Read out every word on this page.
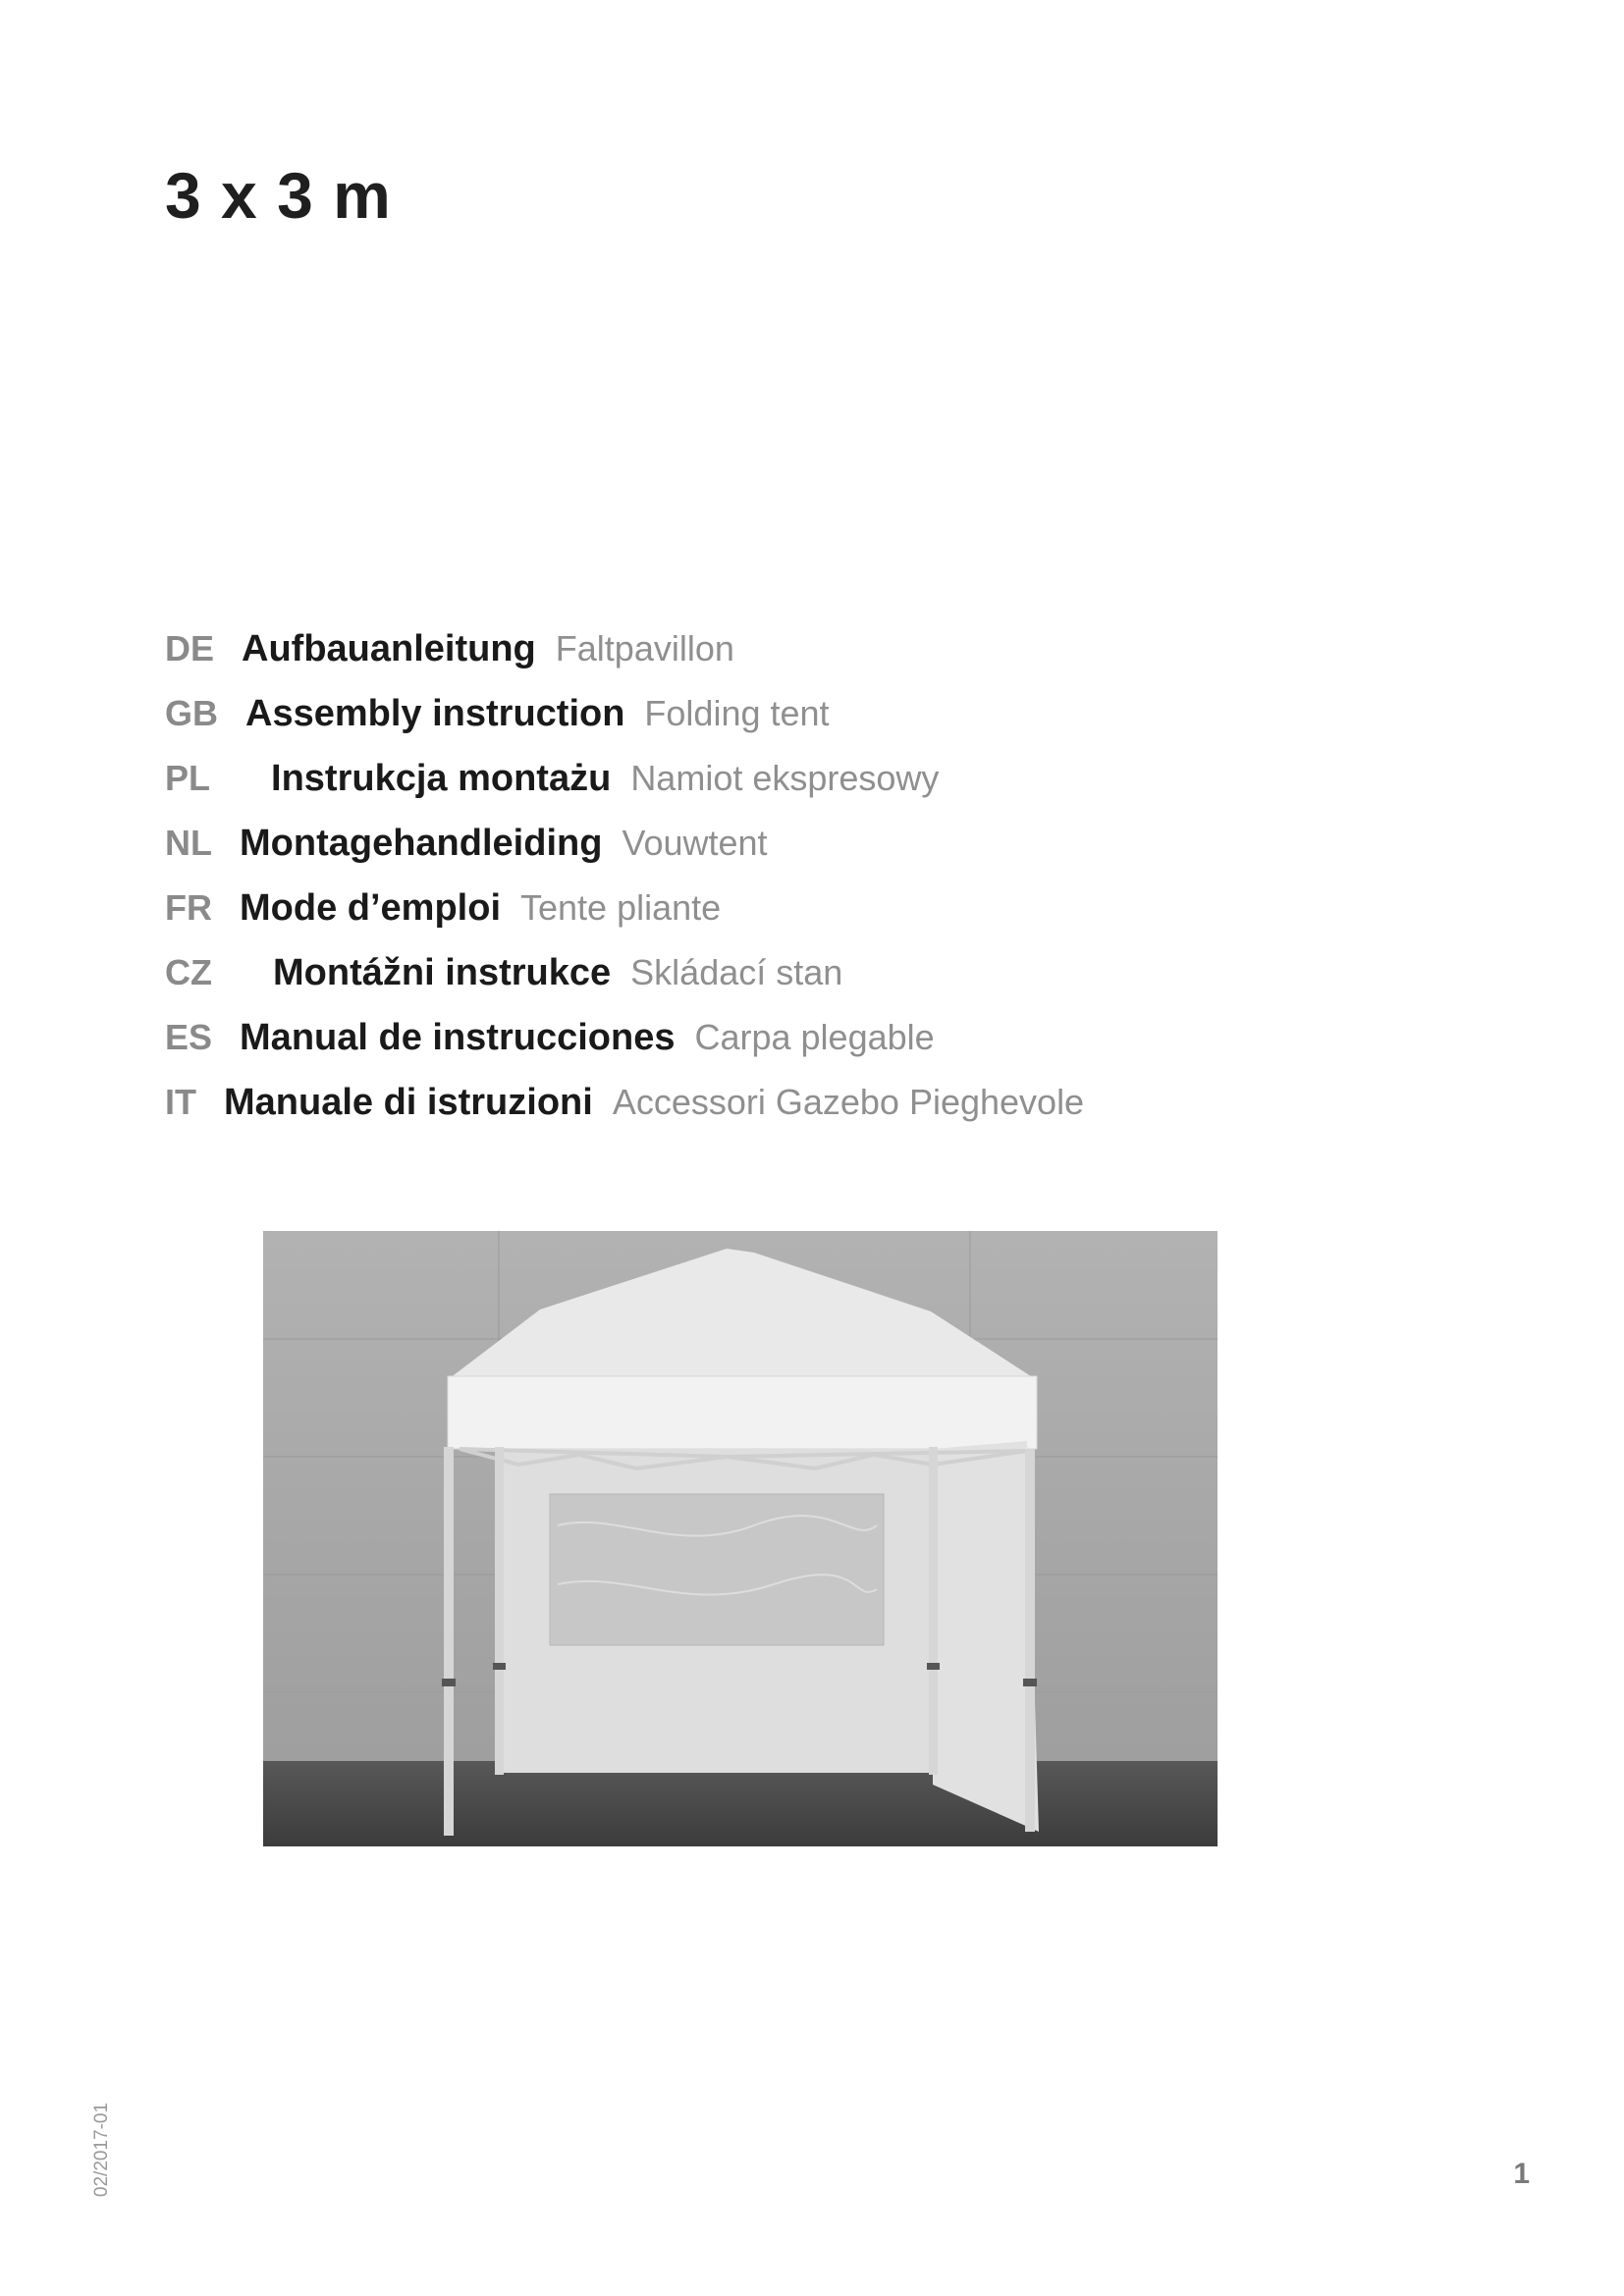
3 x 3 m
DE Aufbauanleitung Faltpavillon
GB Assembly instruction Folding tent
PL Instrukcja montażu Namiot ekspresowy
NL Montagehandleiding Vouwtent
FR Mode d’emploi Tente pliante
CZ Montážni instrukce Skládací stan
ES Manual de instrucciones Carpa plegable
IT Manuale di istruzioni Accessori Gazebo Pieghevole
02/2017-01	1
